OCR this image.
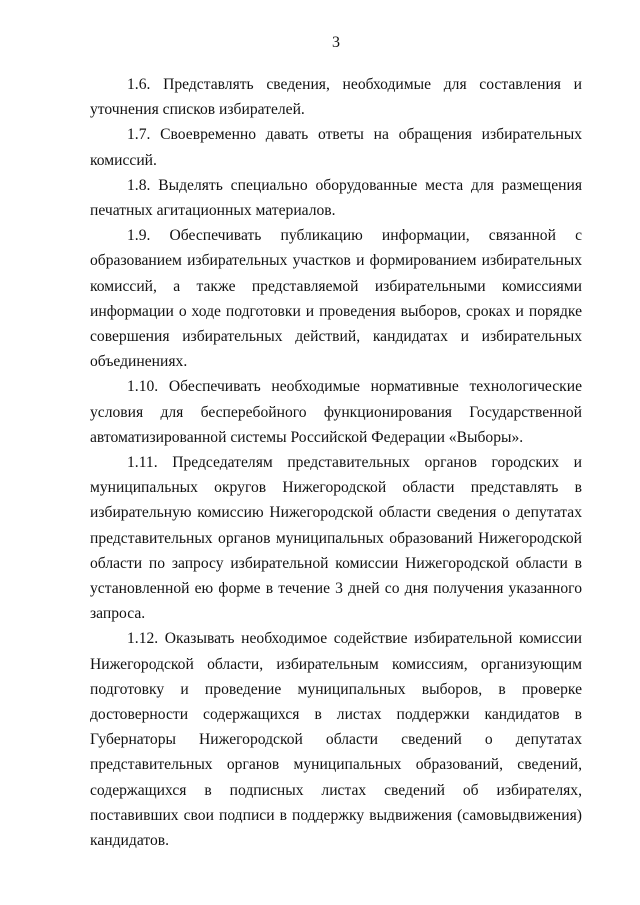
3

1.6. Представлять сведения, необходимые для составления и уточнения списков избирателей.

1.7. Своевременно давать ответы на обращения избирательных комиссий.

1.8. Выделять специально оборудованные места для размещения печатных агитационных материалов.

1.9. Обеспечивать публикацию информации, связанной с образованием избирательных участков и формированием избирательных комиссий, а также представляемой избирательными комиссиями информации о ходе подготовки и проведения выборов, сроках и порядке совершения избирательных действий, кандидатах и избирательных объединениях.

1.10. Обеспечивать необходимые нормативные технологические условия для бесперебойного функционирования Государственной автоматизированной системы Российской Федерации «Выборы».

1.11. Председателям представительных органов городских и муниципальных округов Нижегородской области представлять в избирательную комиссию Нижегородской области сведения о депутатах представительных органов муниципальных образований Нижегородской области по запросу избирательной комиссии Нижегородской области в установленной ею форме в течение 3 дней со дня получения указанного запроса.

1.12. Оказывать необходимое содействие избирательной комиссии Нижегородской области, избирательным комиссиям, организующим подготовку и проведение муниципальных выборов, в проверке достоверности содержащихся в листах поддержки кандидатов в Губернаторы Нижегородской области сведений о депутатах представительных органов муниципальных образований, сведений, содержащихся в подписных листах сведений об избирателях, поставивших свои подписи в поддержку выдвижения (самовыдвижения) кандидатов.
